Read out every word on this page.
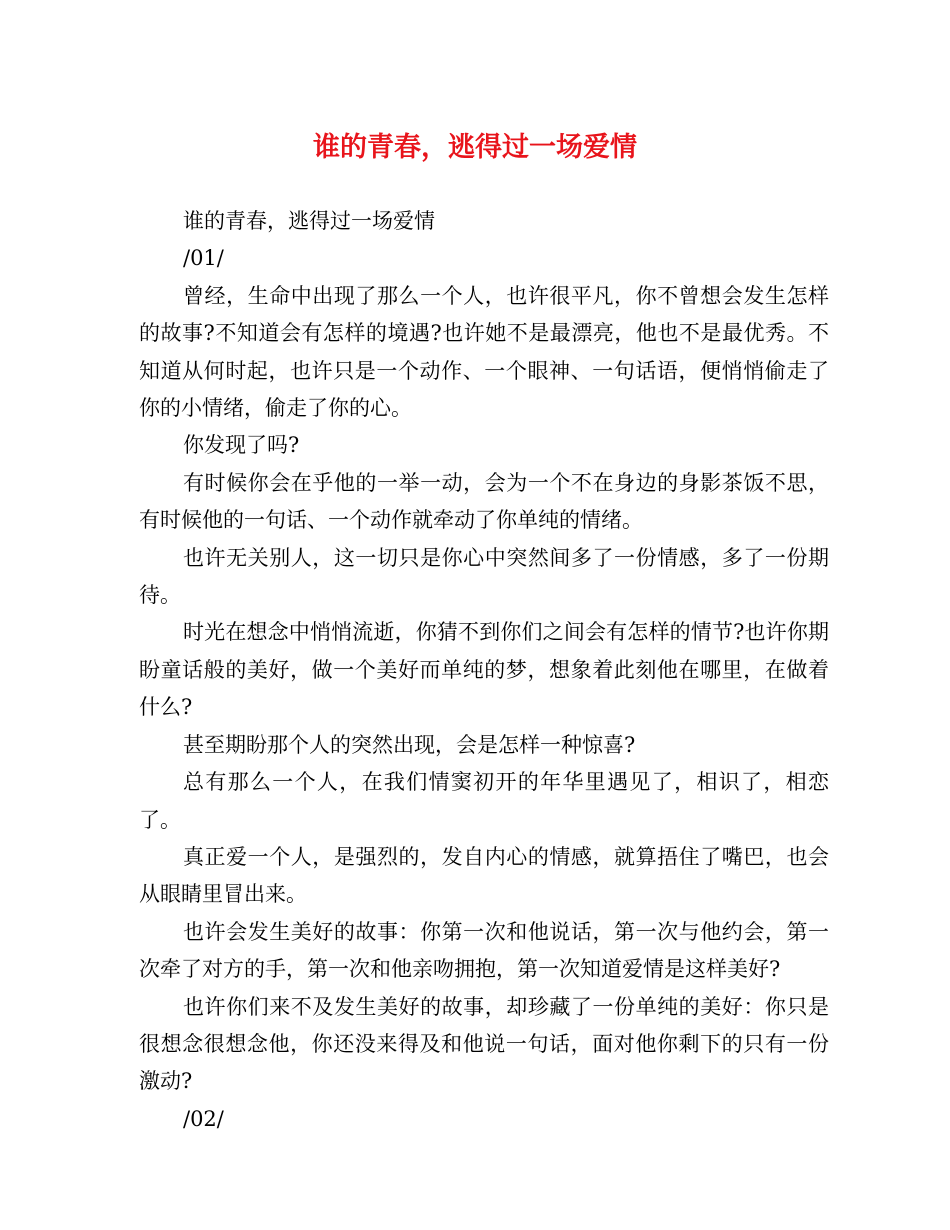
谁的青春，逃得过一场爱情

谁的青春，逃得过一场爱情

/01/

曾经，生命中出现了那么一个人，也许很平凡，你不曾想会发生怎样的故事?不知道会有怎样的境遇?也许她不是最漂亮，他也不是最优秀。不知道从何时起，也许只是一个动作、一个眼神、一句话语，便悄悄偷走了你的小情绪，偷走了你的心。

你发现了吗?

有时候你会在乎他的一举一动，会为一个不在身边的身影茶饭不思，有时候他的一句话、一个动作就牵动了你单纯的情绪。

也许无关别人，这一切只是你心中突然间多了一份情感，多了一份期待。

时光在想念中悄悄流逝，你猜不到你们之间会有怎样的情节?也许你期盼童话般的美好，做一个美好而单纯的梦，想象着此刻他在哪里，在做着什么?

甚至期盼那个人的突然出现，会是怎样一种惊喜?

总有那么一个人，在我们情窦初开的年华里遇见了，相识了，相恋了。

真正爱一个人，是强烈的，发自内心的情感，就算捂住了嘴巴，也会从眼睛里冒出来。

也许会发生美好的故事：你第一次和他说话，第一次与他约会，第一次牵了对方的手，第一次和他亲吻拥抱，第一次知道爱情是这样美好?

也许你们来不及发生美好的故事，却珍藏了一份单纯的美好：你只是很想念很想念他，你还没来得及和他说一句话，面对他你剩下的只有一份激动?

/02/
